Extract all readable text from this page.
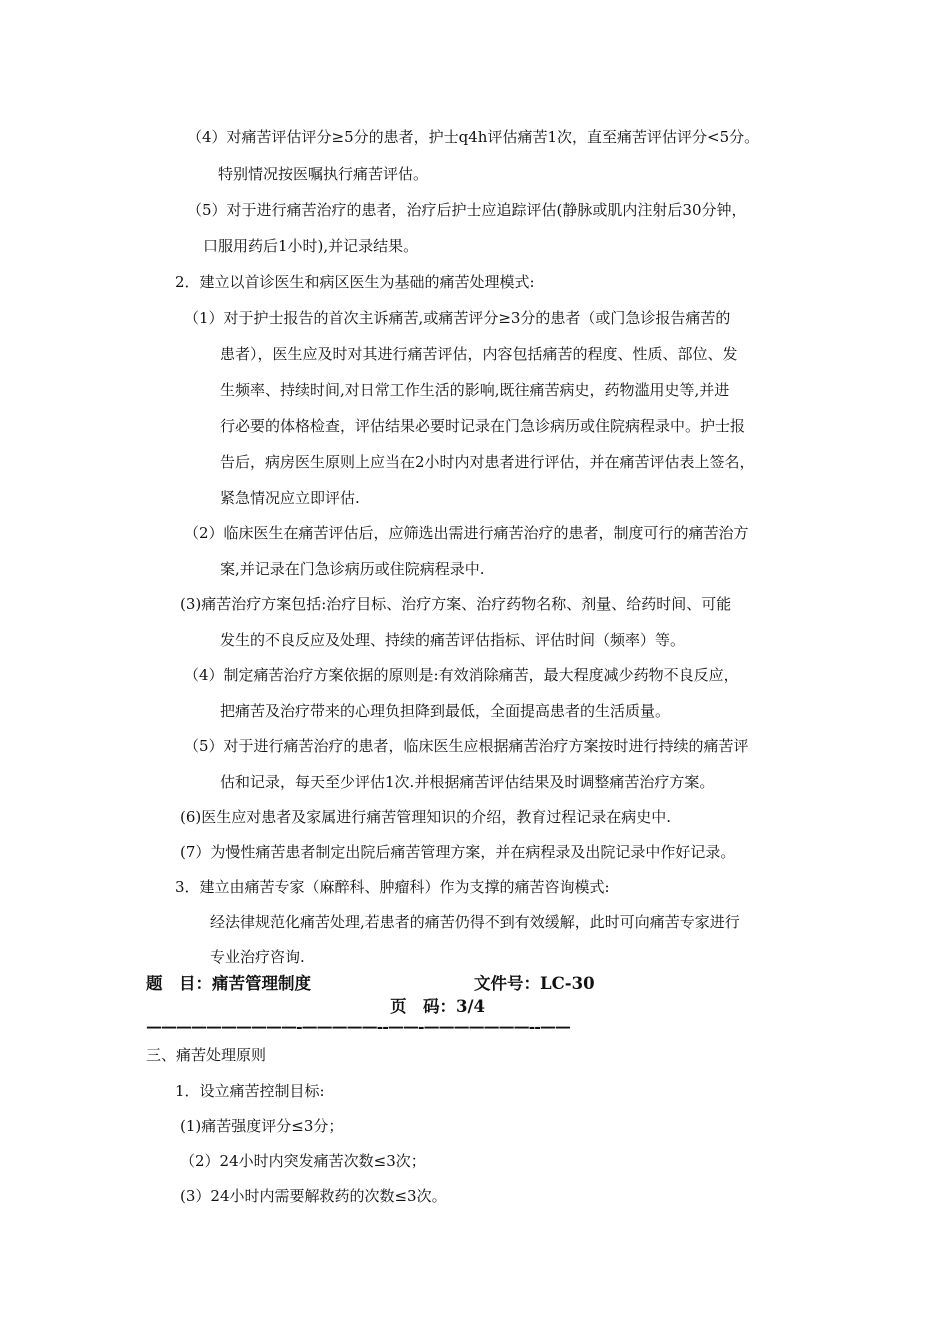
（4）对痛苦评估评分≥5分的患者，护士q4h评估痛苦1次，直至痛苦评估评分<5分。
特别情况按医嘱执行痛苦评估。
（5）对于进行痛苦治疗的患者，治疗后护士应追踪评估(静脉或肌内注射后30分钟，
口服用药后1小时),并记录结果。
2．建立以首诊医生和病区医生为基础的痛苦处理模式:
（1）对于护士报告的首次主诉痛苦,或痛苦评分≥3分的患者（或门急诊报告痛苦的
患者），医生应及时对其进行痛苦评估，内容包括痛苦的程度、性质、部位、发
生频率、持续时间,对日常工作生活的影响,既往痛苦病史，药物滥用史等,并进
行必要的体格检查，评估结果必要时记录在门急诊病历或住院病程录中。护士报
告后，病房医生原则上应当在2小时内对患者进行评估，并在痛苦评估表上签名，
紧急情况应立即评估.
（2）临床医生在痛苦评估后，应筛选出需进行痛苦治疗的患者，制度可行的痛苦治方
案,并记录在门急诊病历或住院病程录中.
(3)痛苦治疗方案包括:治疗目标、治疗方案、治疗药物名称、剂量、给药时间、可能
发生的不良反应及处理、持续的痛苦评估指标、评估时间（频率）等。
（4）制定痛苦治疗方案依据的原则是:有效消除痛苦，最大程度减少药物不良反应，
把痛苦及治疗带来的心理负担降到最低，全面提高患者的生活质量。
（5）对于进行痛苦治疗的患者，临床医生应根据痛苦治疗方案按时进行持续的痛苦评
估和记录，每天至少评估1次.并根据痛苦评估结果及时调整痛苦治疗方案。
(6)医生应对患者及家属进行痛苦管理知识的介绍，教育过程记录在病史中.
(7）为慢性痛苦患者制定出院后痛苦管理方案，并在病程录及出院记录中作好记录。
3．建立由痛苦专家（麻醉科、肿瘤科）作为支撑的痛苦咨询模式:
经法律规范化痛苦处理,若患者的痛苦仍得不到有效缓解，此时可向痛苦专家进行
专业治疗咨询.
题　目：痛苦管理制度	文件号：LC-30
页　码：3/4
——————————-—————--——-———————--——
三、痛苦处理原则
1．设立痛苦控制目标:
(1)痛苦强度评分≤3分；
（2）24小时内突发痛苦次数≤3次；
(3）24小时内需要解救药的次数≤3次。
